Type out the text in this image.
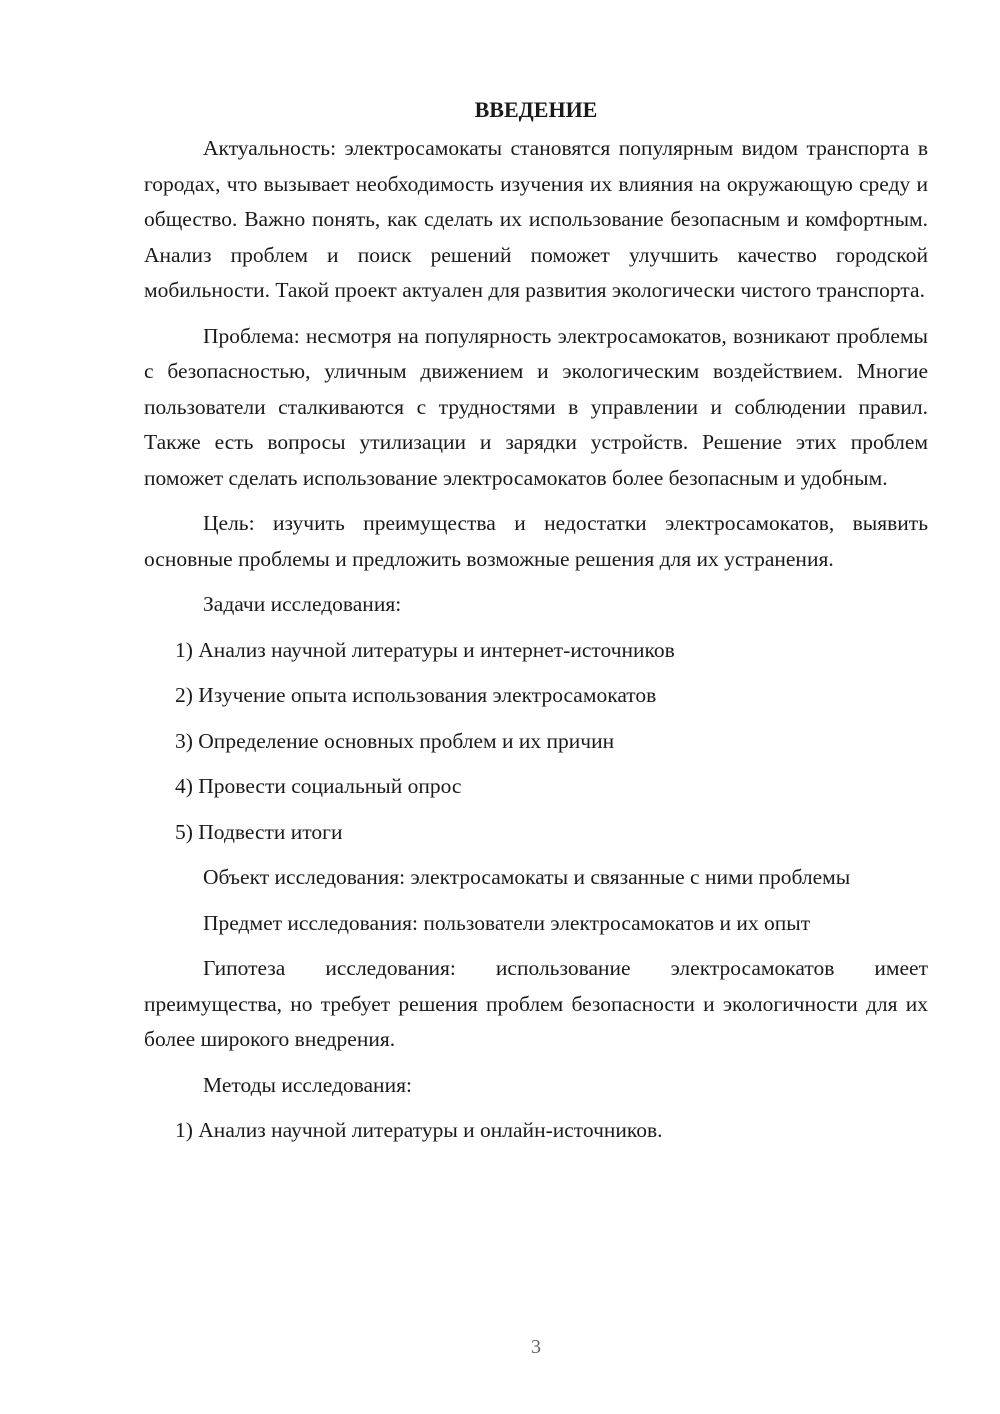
ВВЕДЕНИЕ

Актуальность: электросамокаты становятся популярным видом транспорта в городах, что вызывает необходимость изучения их влияния на окружающую среду и общество. Важно понять, как сделать их использование безопасным и комфортным. Анализ проблем и поиск решений поможет улучшить качество городской мобильности. Такой проект актуален для развития экологически чистого транспорта.

Проблема: несмотря на популярность электросамокатов, возникают проблемы с безопасностью, уличным движением и экологическим воздействием. Многие пользователи сталкиваются с трудностями в управлении и соблюдении правил. Также есть вопросы утилизации и зарядки устройств. Решение этих проблем поможет сделать использование электросамокатов более безопасным и удобным.

Цель: изучить преимущества и недостатки электросамокатов, выявить основные проблемы и предложить возможные решения для их устранения.

Задачи исследования:
1) Анализ научной литературы и интернет-источников
2) Изучение опыта использования электросамокатов
3) Определение основных проблем и их причин
4) Провести социальный опрос
5) Подвести итоги

Объект исследования: электросамокаты и связанные с ними проблемы

Предмет исследования: пользователи электросамокатов и их опыт

Гипотеза исследования: использование электросамокатов имеет преимущества, но требует решения проблем безопасности и экологичности для их более широкого внедрения.

Методы исследования:
1) Анализ научной литературы и онлайн-источников.
3
